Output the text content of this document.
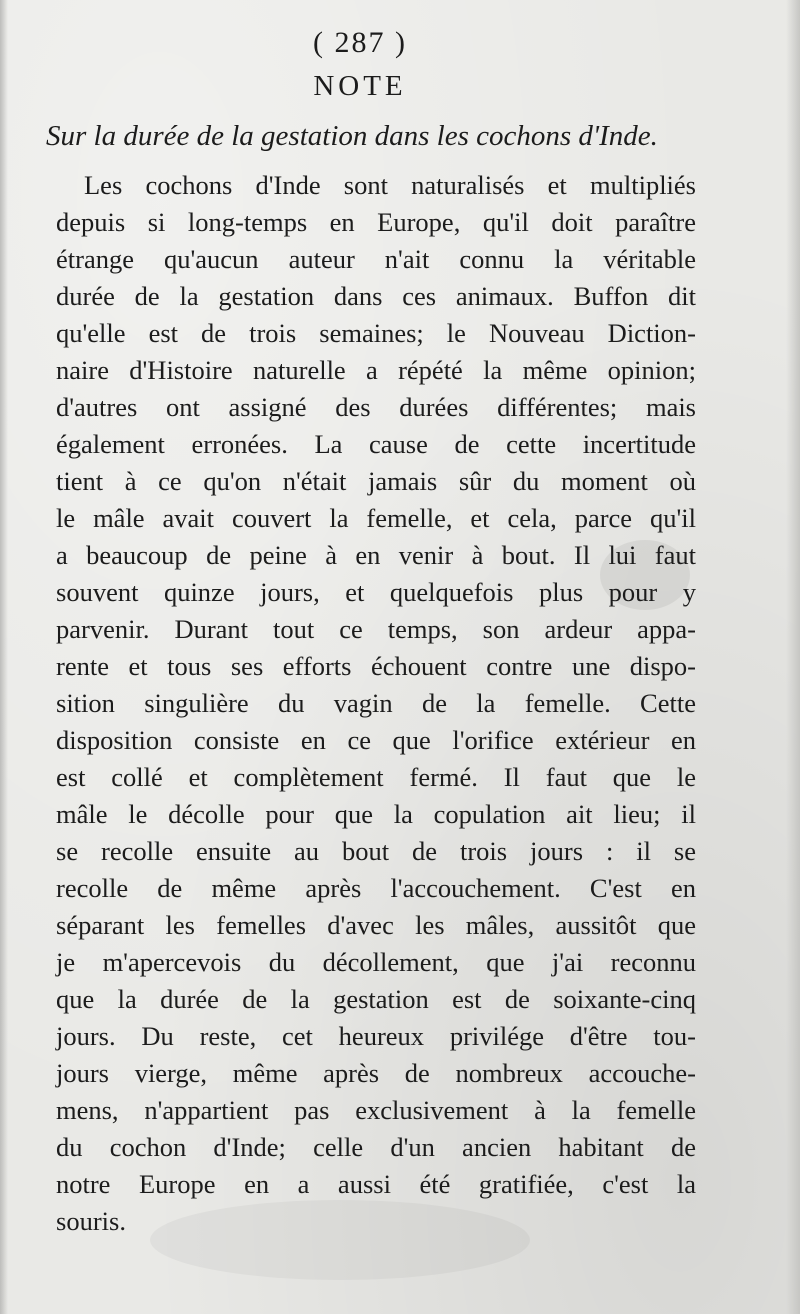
( 287 )
NOTE
Sur la durée de la gestation dans les cochons d'Inde.
Les cochons d'Inde sont naturalisés et multipliés
depuis si long-temps en Europe, qu'il doit paraître
étrange qu'aucun auteur n'ait connu la véritable
durée de la gestation dans ces animaux. Buffon dit
qu'elle est de trois semaines; le Nouveau Diction-
naire d'Histoire naturelle a répété la même opinion;
d'autres ont assigné des durées différentes; mais
également erronées. La cause de cette incertitude
tient à ce qu'on n'était jamais sûr du moment où
le mâle avait couvert la femelle, et cela, parce qu'il
a beaucoup de peine à en venir à bout. Il lui faut
souvent quinze jours, et quelquefois plus pour y
parvenir. Durant tout ce temps, son ardeur appa-
rente et tous ses efforts échouent contre une dispo-
sition singulière du vagin de la femelle. Cette
disposition consiste en ce que l'orifice extérieur en
est collé et complètement fermé. Il faut que le
mâle le décolle pour que la copulation ait lieu; il
se recolle ensuite au bout de trois jours : il se
recolle de même après l'accouchement. C'est en
séparant les femelles d'avec les mâles, aussitôt que
je m'apercevois du décollement, que j'ai reconnu
que la durée de la gestation est de soixante-cinq
jours. Du reste, cet heureux privilége d'être tou-
jours vierge, même après de nombreux accouche-
mens, n'appartient pas exclusivement à la femelle
du cochon d'Inde; celle d'un ancien habitant de
notre Europe en a aussi été gratifiée, c'est la
souris.
